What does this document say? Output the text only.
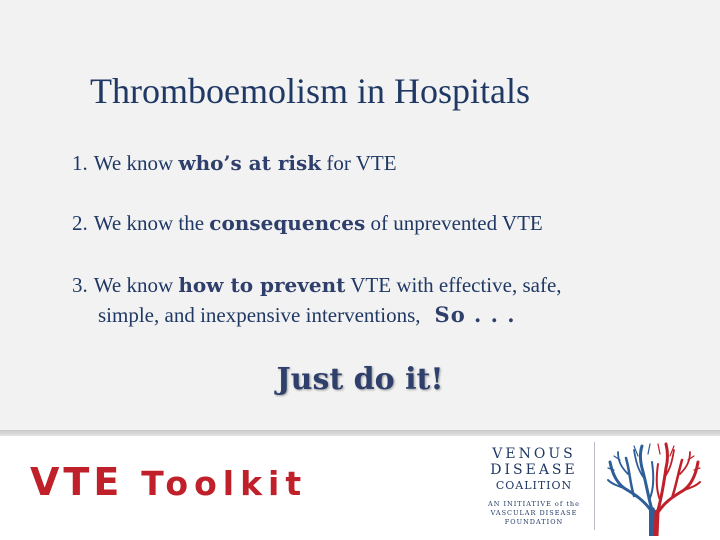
Thromboemolism in Hospitals
1. We know who’s at risk for VTE
2. We know the consequences of unprevented VTE
3. We know how to prevent VTE with effective, safe,
simple, and inexpensive interventions, So . . .
Just do it!
VTE Toolkit
VENOUS
DISEASE
COALITION
AN INITIATIVE of the
VASCULAR DISEASE
FOUNDATION
